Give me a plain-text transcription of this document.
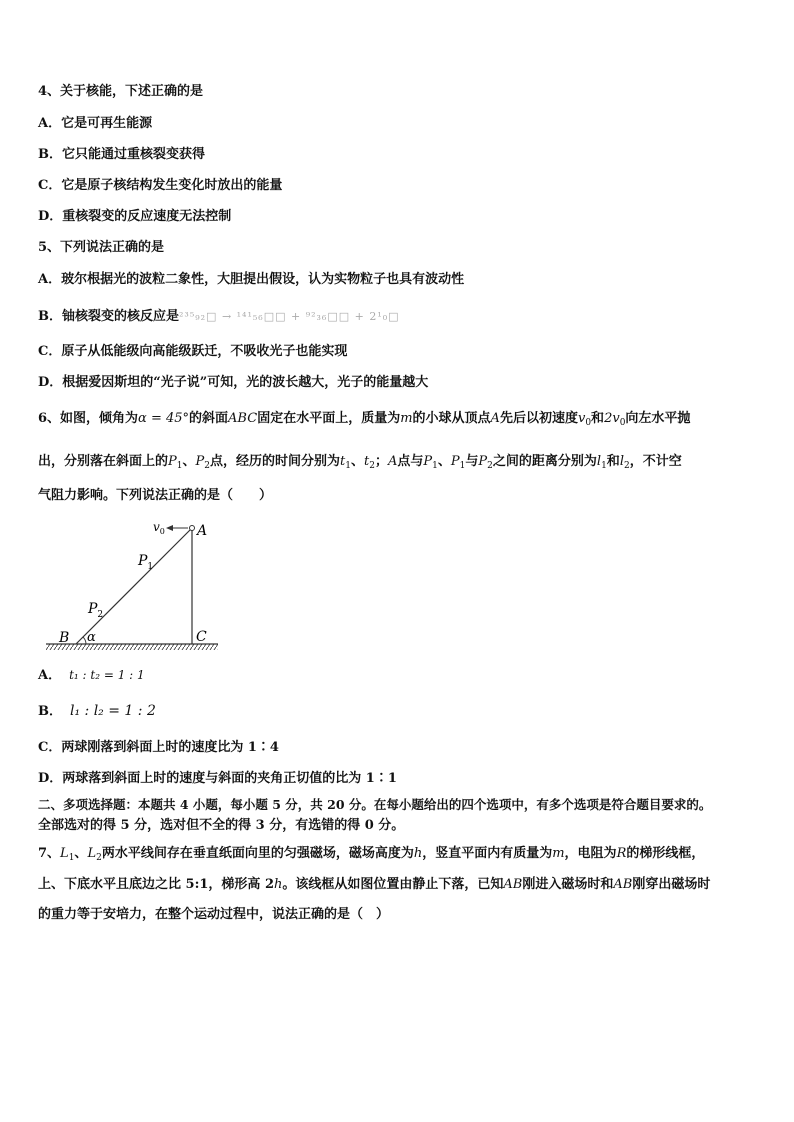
4、关于核能，下述正确的是
A．它是可再生能源
B．它只能通过重核裂变获得
C．它是原子核结构发生变化时放出的能量
D．重核裂变的反应速度无法控制
5、下列说法正确的是
A．玻尔根据光的波粒二象性，大胆提出假设，认为实物粒子也具有波动性
B．铀核裂变的核反应是²³⁵₉₂□ → ¹⁴¹₅₆□□ + ⁹²₃₆□□ + 2¹₀□
C．原子从低能级向高能级跃迁，不吸收光子也能实现
D．根据爱因斯坦的“光子说”可知，光的波长越大，光子的能量越大
6、如图，倾角为α = 45°的斜面ABC固定在水平面上，质量为m的小球从顶点A先后以初速度$v_0$和$2v_0$向左水平抛
出，分别落在斜面上的$P_1$、$P_2$点，经历的时间分别为$t_1$、$t_2$；A点与$P_1$、$P_1$与$P_2$之间的距离分别为$l_1$和$l_2$，不计空
气阻力影响。下列说法正确的是（　　）
$v_0$ A
$P_1$
$P_2$
B α	C
A． t₁ : t₂ = 1 : 1
B． l₁ : l₂ = 1 : 2
C．两球刚落到斜面上时的速度比为 1∶4
D．两球落到斜面上时的速度与斜面的夹角正切值的比为 1∶1
二、多项选择题：本题共 4 小题，每小题 5 分，共 20 分。在每小题给出的四个选项中，有多个选项是符合题目要求的。
全部选对的得 5 分，选对但不全的得 3 分，有选错的得 0 分。
7、$L_1$、$L_2$两水平线间存在垂直纸面向里的匀强磁场，磁场高度为h，竖直平面内有质量为m，电阻为R的梯形线框，
上、下底水平且底边之比 5:1，梯形高 2h。该线框从如图位置由静止下落，已知AB刚进入磁场时和AB刚穿出磁场时
的重力等于安培力，在整个运动过程中，说法正确的是（　）
